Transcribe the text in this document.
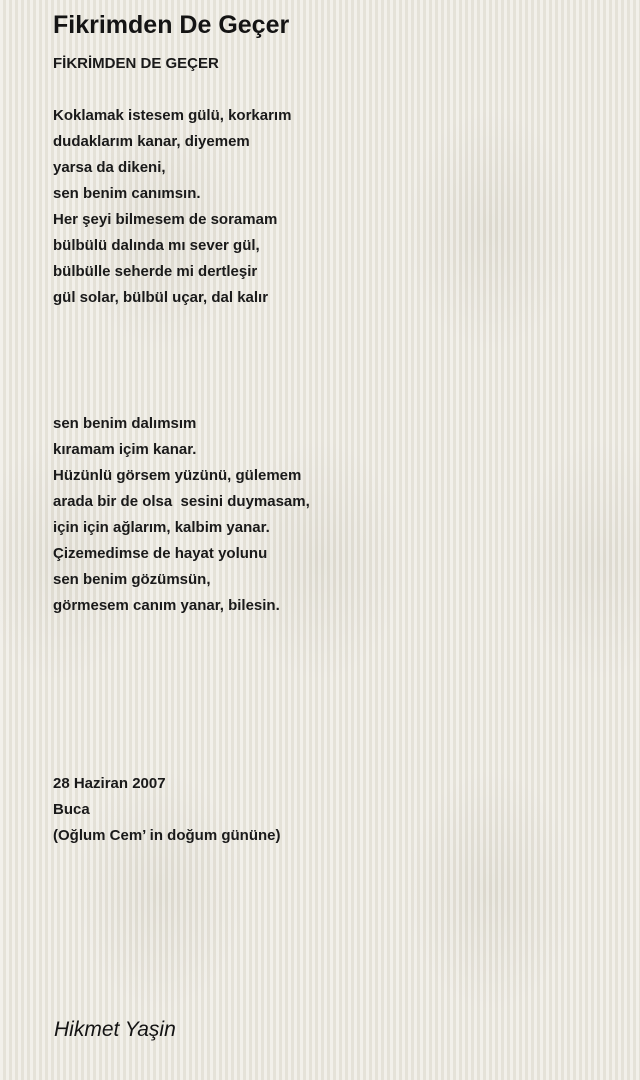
Fikrimden De Geçer
FİKRİMDEN DE GEÇER
Koklamak istesem gülü, korkarım
dudaklarım kanar, diyemem
yarsa da dikeni,
sen benim canımsın.
Her şeyi bilmesem de soramam
bülbülü dalında mı sever gül,
bülbülle seherde mi dertleşir
gül solar, bülbül uçar, dal kalır
sen benim dalımsım
kıramam içim kanar.
Hüzünlü görsem yüzünü, gülemem
arada bir de olsa  sesini duymasam,
için için ağlarım, kalbim yanar.
Çizemedimse de hayat yolunu
sen benim gözümsün,
görmesem canım yanar, bilesin.
28 Haziran 2007
Buca
(Oğlum Cem’ in doğum gününe)

Hikmet Yaşin
